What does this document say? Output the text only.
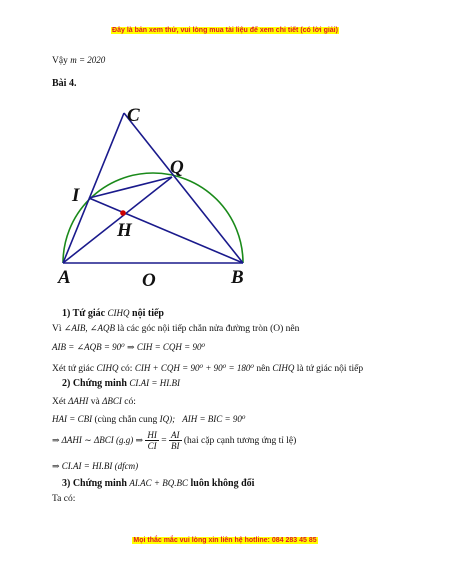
Đây là bản xem thử, vui lòng mua tài liệu để xem chi tiết (có lời giải)
Vậy m = 2020
Bài 4.
C
Q
I
H
A	O	B
1) Tứ giác CIHQ nội tiếp
Vì ∠AIB, ∠AQB là các góc nội tiếp chắn nửa đường tròn (O) nên
AIB = ∠AQB = 90⁰ ⇒ CIH = CQH = 90⁰
Xét tứ giác CIHQ có: CIH + CQH = 90⁰ + 90⁰ = 180⁰ nên CIHQ là tứ giác nội tiếp
2) Chứng minh CI.AI = HI.BI
Xét ΔAHI và ΔBCI có:
HAI = CBI (cùng chắn cung IQ); AIH = BIC = 90⁰
⇒ ΔAHI ∼ ΔBCI (g.g) ⇒ $\frac{HI}{CI} = \frac{AI}{BI} (hai$ cặp cạnh tương ứng tỉ lệ)
⇒ CI.AI = HI.BI (dfcm)
3) Chứng minh AI.AC + BQ.BC luôn không đổi
Ta có:
Mọi thắc mắc vui lòng xin liên hệ hotline: 084 283 45 85
